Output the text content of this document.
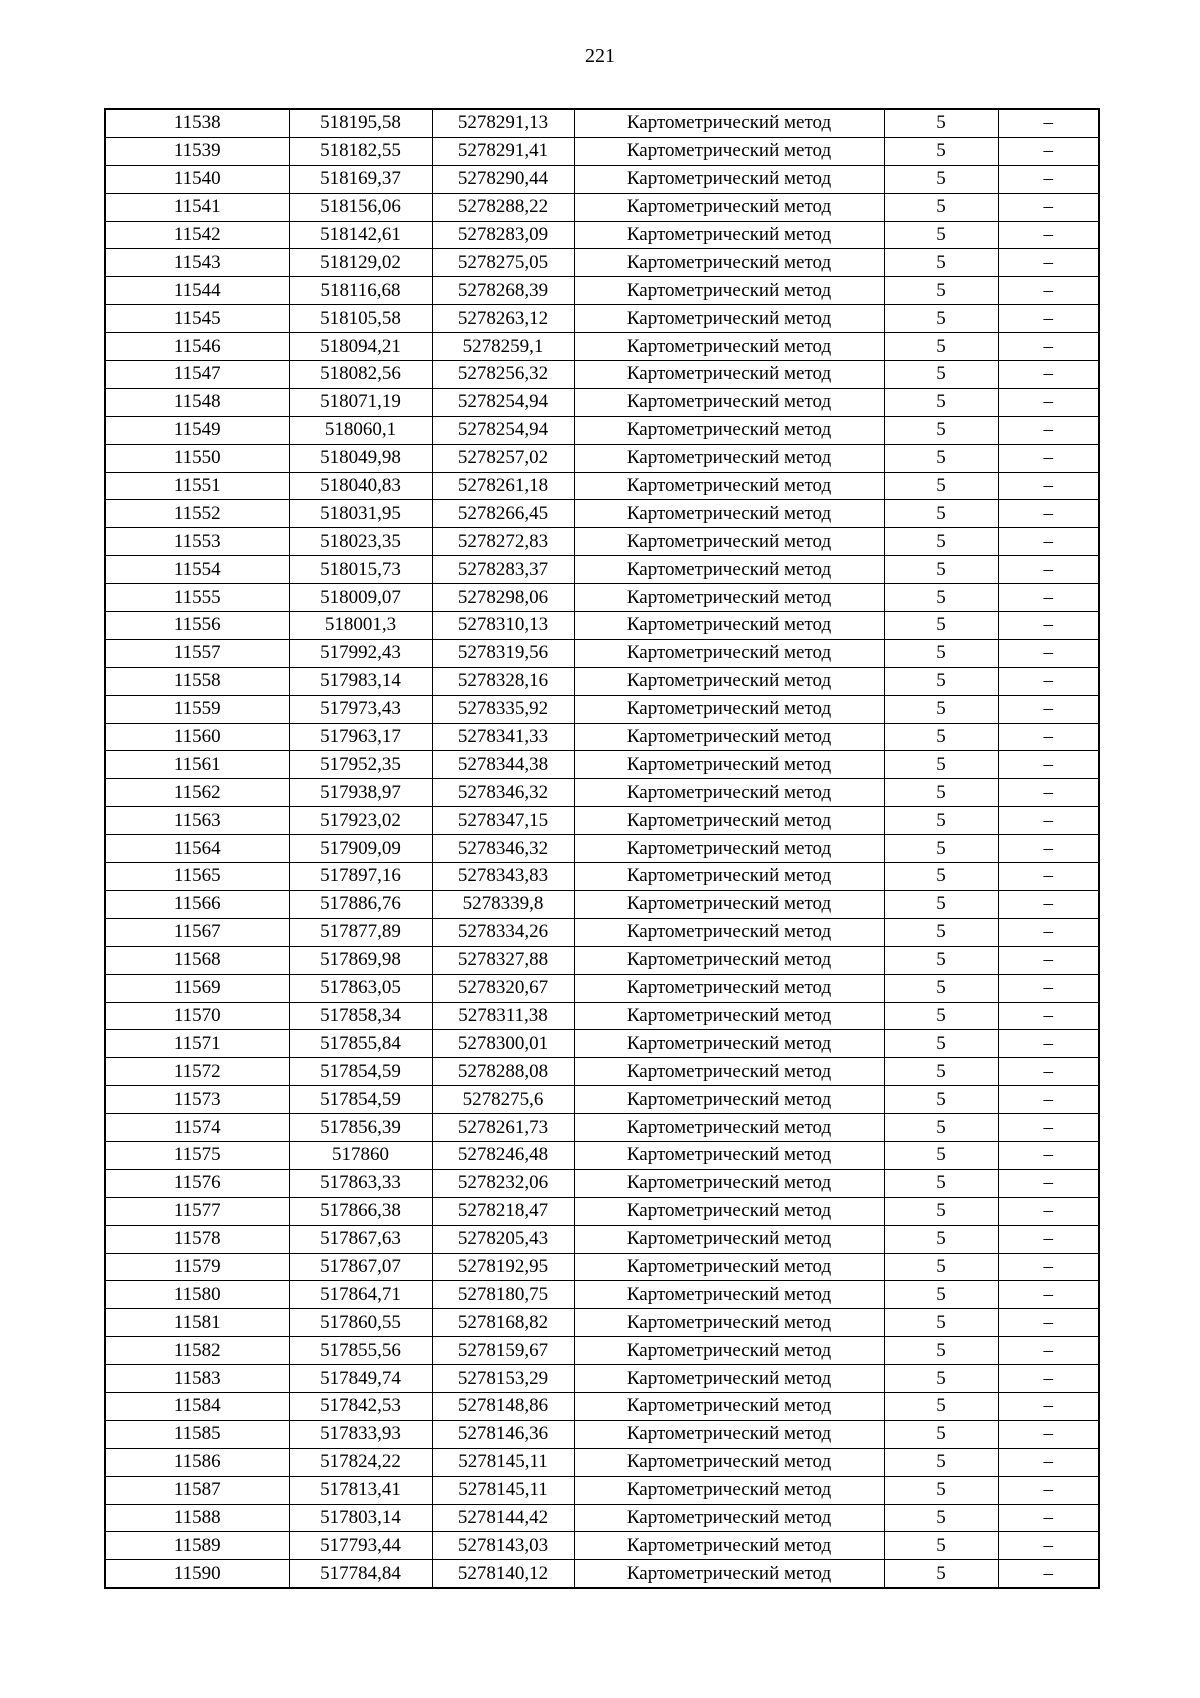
221
11538	518195,58	5278291,13	Картометрический метод	5	–
11539	518182,55	5278291,41	Картометрический метод	5	–
11540	518169,37	5278290,44	Картометрический метод	5	–
11541	518156,06	5278288,22	Картометрический метод	5	–
11542	518142,61	5278283,09	Картометрический метод	5	–
11543	518129,02	5278275,05	Картометрический метод	5	–
11544	518116,68	5278268,39	Картометрический метод	5	–
11545	518105,58	5278263,12	Картометрический метод	5	–
11546	518094,21	5278259,1	Картометрический метод	5	–
11547	518082,56	5278256,32	Картометрический метод	5	–
11548	518071,19	5278254,94	Картометрический метод	5	–
11549	518060,1	5278254,94	Картометрический метод	5	–
11550	518049,98	5278257,02	Картометрический метод	5	–
11551	518040,83	5278261,18	Картометрический метод	5	–
11552	518031,95	5278266,45	Картометрический метод	5	–
11553	518023,35	5278272,83	Картометрический метод	5	–
11554	518015,73	5278283,37	Картометрический метод	5	–
11555	518009,07	5278298,06	Картометрический метод	5	–
11556	518001,3	5278310,13	Картометрический метод	5	–
11557	517992,43	5278319,56	Картометрический метод	5	–
11558	517983,14	5278328,16	Картометрический метод	5	–
11559	517973,43	5278335,92	Картометрический метод	5	–
11560	517963,17	5278341,33	Картометрический метод	5	–
11561	517952,35	5278344,38	Картометрический метод	5	–
11562	517938,97	5278346,32	Картометрический метод	5	–
11563	517923,02	5278347,15	Картометрический метод	5	–
11564	517909,09	5278346,32	Картометрический метод	5	–
11565	517897,16	5278343,83	Картометрический метод	5	–
11566	517886,76	5278339,8	Картометрический метод	5	–
11567	517877,89	5278334,26	Картометрический метод	5	–
11568	517869,98	5278327,88	Картометрический метод	5	–
11569	517863,05	5278320,67	Картометрический метод	5	–
11570	517858,34	5278311,38	Картометрический метод	5	–
11571	517855,84	5278300,01	Картометрический метод	5	–
11572	517854,59	5278288,08	Картометрический метод	5	–
11573	517854,59	5278275,6	Картометрический метод	5	–
11574	517856,39	5278261,73	Картометрический метод	5	–
11575	517860	5278246,48	Картометрический метод	5	–
11576	517863,33	5278232,06	Картометрический метод	5	–
11577	517866,38	5278218,47	Картометрический метод	5	–
11578	517867,63	5278205,43	Картометрический метод	5	–
11579	517867,07	5278192,95	Картометрический метод	5	–
11580	517864,71	5278180,75	Картометрический метод	5	–
11581	517860,55	5278168,82	Картометрический метод	5	–
11582	517855,56	5278159,67	Картометрический метод	5	–
11583	517849,74	5278153,29	Картометрический метод	5	–
11584	517842,53	5278148,86	Картометрический метод	5	–
11585	517833,93	5278146,36	Картометрический метод	5	–
11586	517824,22	5278145,11	Картометрический метод	5	–
11587	517813,41	5278145,11	Картометрический метод	5	–
11588	517803,14	5278144,42	Картометрический метод	5	–
11589	517793,44	5278143,03	Картометрический метод	5	–
11590	517784,84	5278140,12	Картометрический метод	5	–
